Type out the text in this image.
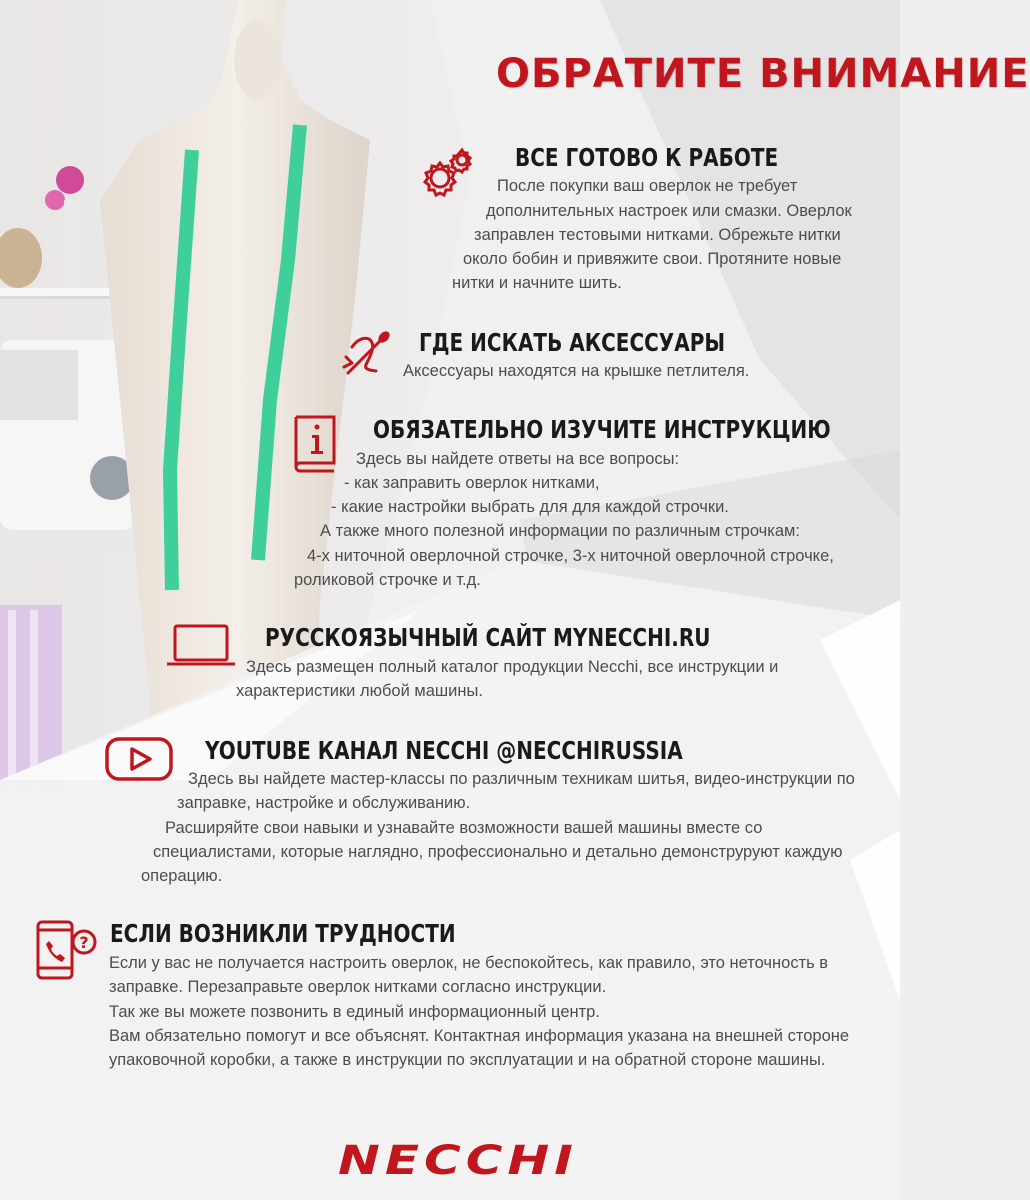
ОБРАТИТЕ ВНИМАНИЕ
ВСЕ ГОТОВО К РАБОТЕ
После покупки ваш оверлок не требует
дополнительных настроек или смазки. Оверлок
заправлен тестовыми нитками. Обрежьте нитки
около бобин и привяжите свои. Протяните новые
нитки и начните шить.
ГДЕ ИСКАТЬ АКСЕССУАРЫ
Аксессуары находятся на крышке петлителя.
ОБЯЗАТЕЛЬНО ИЗУЧИТЕ ИНСТРУКЦИЮ
Здесь вы найдете ответы на все вопросы:
- как заправить оверлок нитками,
- какие настройки выбрать для для каждой строчки.
А также много полезной информации по различным строчкам:
4-х ниточной оверлочной строчке, 3-х ниточной оверлочной строчке,
роликовой строчке и т.д.
РУССКОЯЗЫЧНЫЙ САЙТ MYNECCHI.RU
Здесь размещен полный каталог продукции Necchi, все инструкции и
характеристики любой машины.
YOUTUBE КАНАЛ NECCHI @NECCHIRUSSIA
Здесь вы найдете мастер-классы по различным техникам шитья, видео-инструкции по
заправке, настройке и обслуживанию.
Расширяйте свои навыки и узнавайте возможности вашей машины вместе со
специалистами, которые наглядно, профессионально и детально демонструруют каждую
операцию.
? ЕСЛИ ВОЗНИКЛИ ТРУДНОСТИ
Если у вас не получается настроить оверлок, не беспокойтесь, как правило, это неточность в
заправке. Перезаправьте оверлок нитками согласно инструкции.
Так же вы можете позвонить в единый информационный центр.
Вам обязательно помогут и все объяснят. Контактная информация указана на внешней стороне
упаковочной коробки, а также в инструкции по эксплуатации и на обратной стороне машины.
NECCHI
